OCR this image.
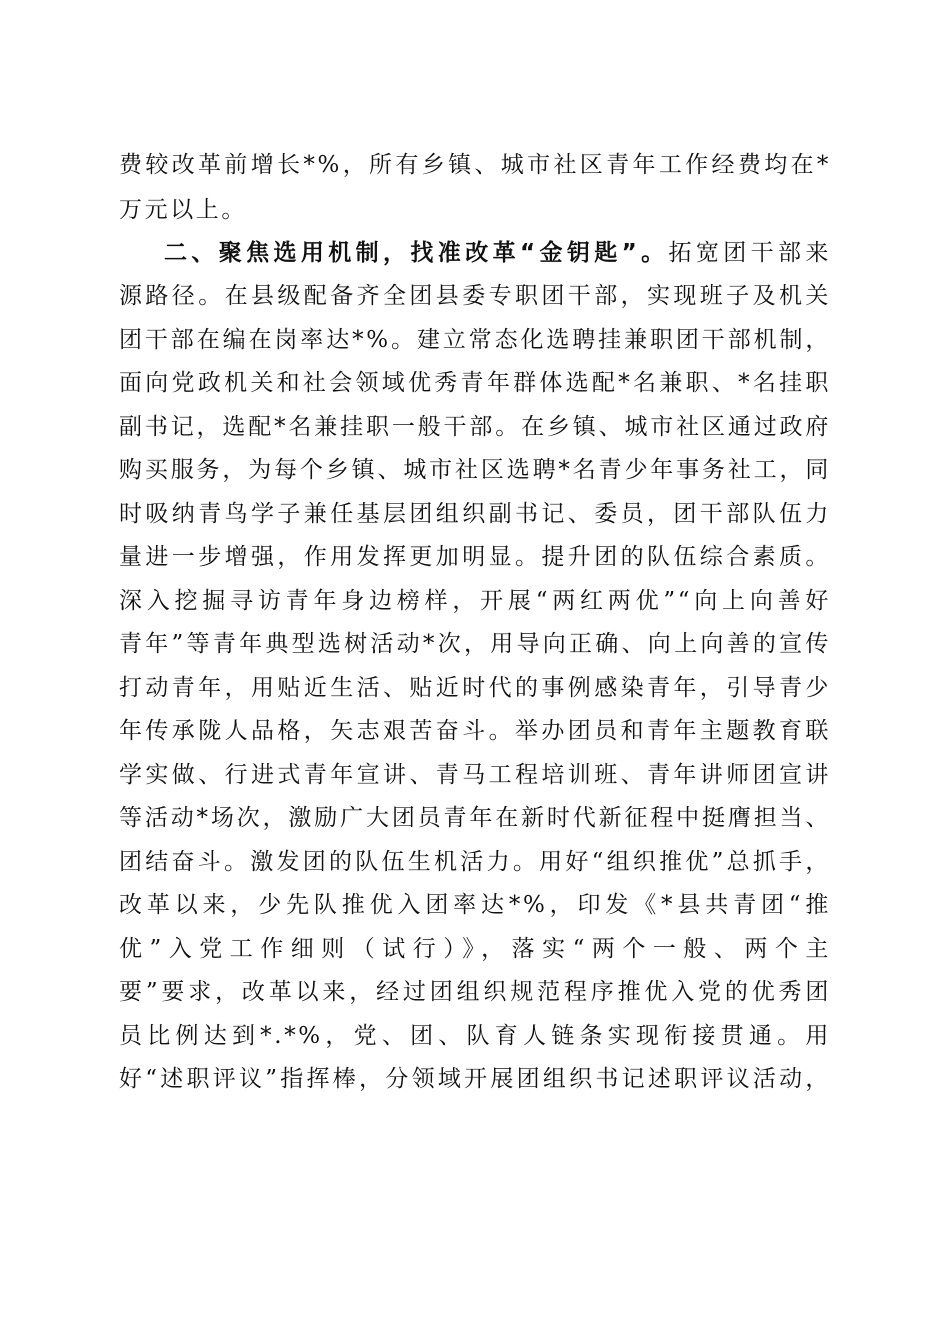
费较改革前增长*%，所有乡镇、城市社区青年工作经费均在*
万元以上。
二、聚焦选用机制，找准改革“金钥匙”。拓宽团干部来
源路径。在县级配备齐全团县委专职团干部，实现班子及机关
团干部在编在岗率达*%。建立常态化选聘挂兼职团干部机制，
面向党政机关和社会领域优秀青年群体选配*名兼职、*名挂职
副书记，选配*名兼挂职一般干部。在乡镇、城市社区通过政府
购买服务，为每个乡镇、城市社区选聘*名青少年事务社工，同
时吸纳青鸟学子兼任基层团组织副书记、委员，团干部队伍力
量进一步增强，作用发挥更加明显。提升团的队伍综合素质。
深入挖掘寻访青年身边榜样，开展“两红两优”“向上向善好
青年”等青年典型选树活动*次，用导向正确、向上向善的宣传
打动青年，用贴近生活、贴近时代的事例感染青年，引导青少
年传承陇人品格，矢志艰苦奋斗。举办团员和青年主题教育联
学实做、行进式青年宣讲、青马工程培训班、青年讲师团宣讲
等活动*场次，激励广大团员青年在新时代新征程中挺膺担当、
团结奋斗。激发团的队伍生机活力。用好“组织推优”总抓手，
改革以来，少先队推优入团率达*%，印发《*县共青团“推
优”入党工作细则（试行）》，落实“两个一般、两个主
要”要求，改革以来，经过团组织规范程序推优入党的优秀团
员比例达到*.*%，党、团、队育人链条实现衔接贯通。用
好“述职评议”指挥棒，分领域开展团组织书记述职评议活动，
